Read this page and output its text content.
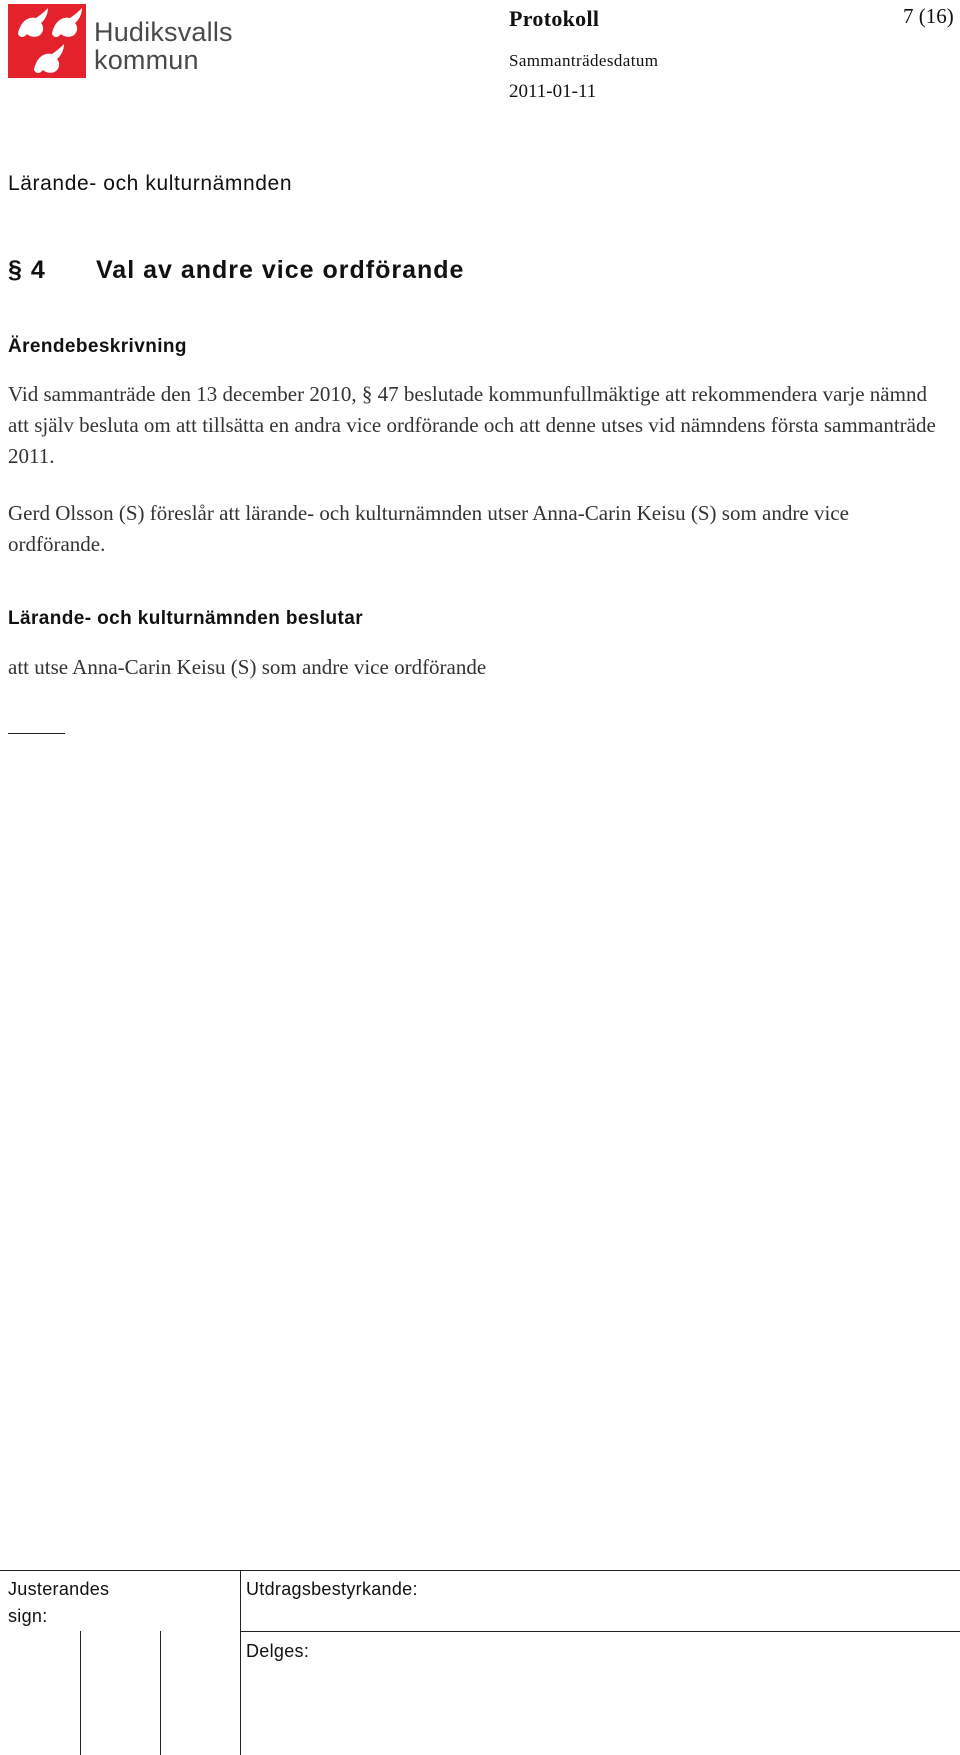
Hudiksvalls
kommun
Protokoll	7 (16)
Sammanträdesdatum
2011-01-11
Lärande- och kulturnämnden
§ 4 Val av andre vice ordförande
Ärendebeskrivning
Vid sammanträde den 13 december 2010, § 47 beslutade kommunfullmäktige att rekommendera varje nämnd att själv besluta om att tillsätta en andra vice ordförande och att denne utses vid nämndens första sammanträde 2011.
Gerd Olsson (S) föreslår att lärande- och kulturnämnden utser Anna-Carin Keisu (S) som andre vice ordförande.
Lärande- och kulturnämnden beslutar
att utse Anna-Carin Keisu (S) som andre vice ordförande
Justerandes sign:
Utdragsbestyrkande:
Delges:
